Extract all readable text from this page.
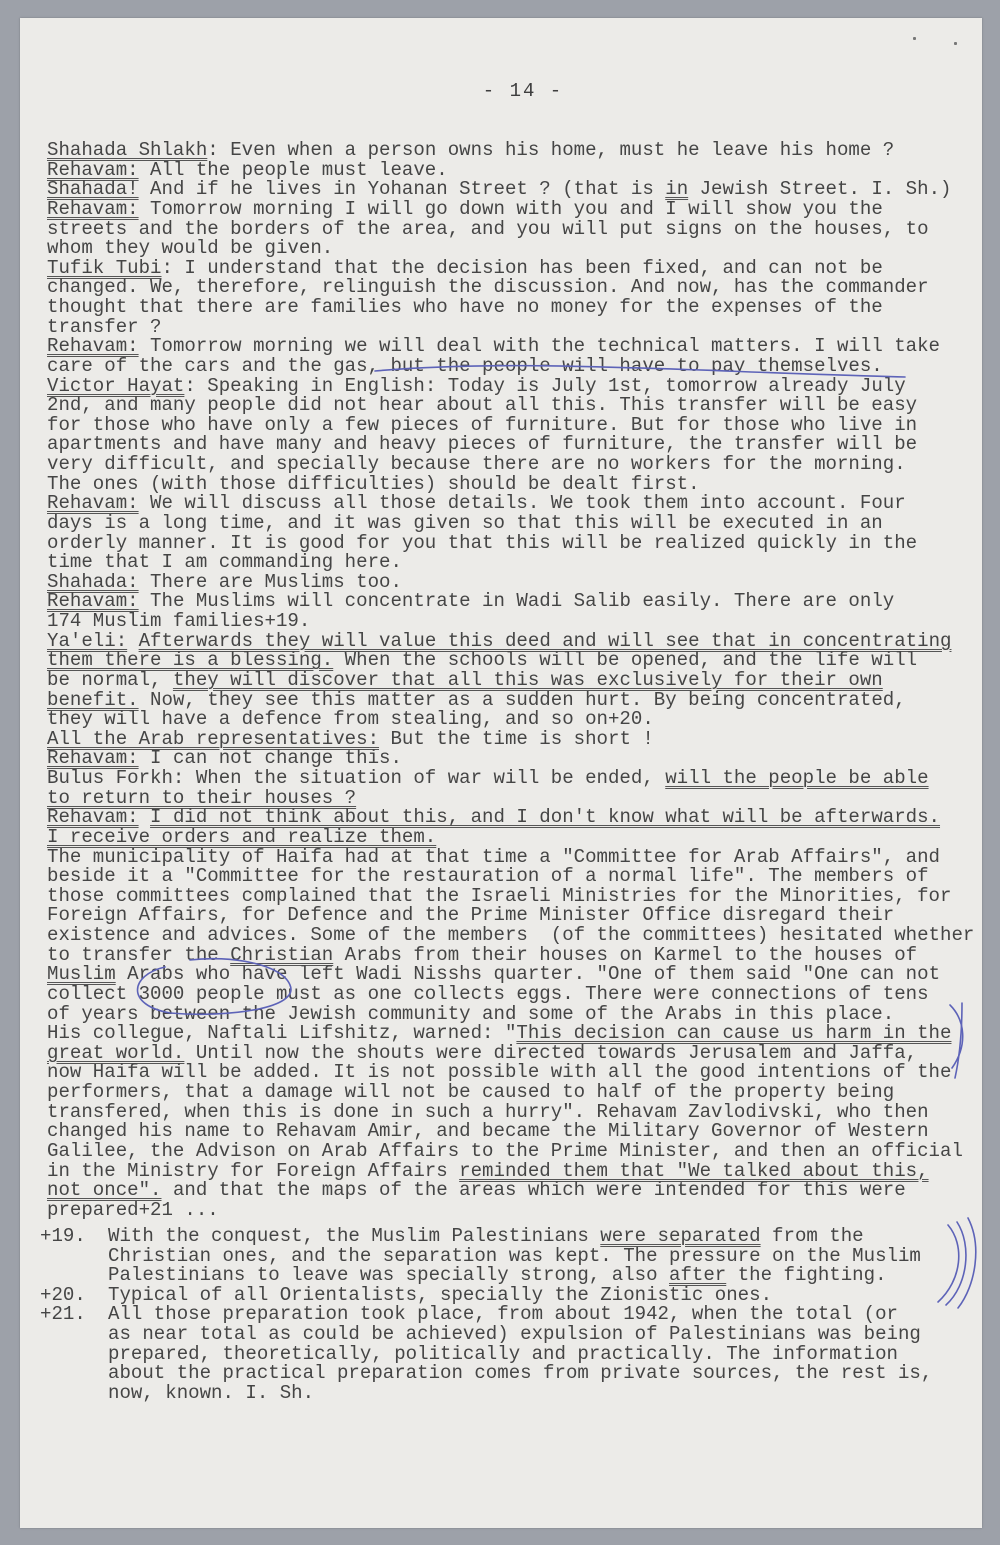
- 14 -
Shahada Shlakh: Even when a person owns his home, must he leave his home ?
Rehavam: All the people must leave.
Shahada! And if he lives in Yohanan Street ? (that is in Jewish Street. I. Sh.)
Rehavam: Tomorrow morning I will go down with you and I will show you the
streets and the borders of the area, and you will put signs on the houses, to
whom they would be given.
Tufik Tubi: I understand that the decision has been fixed, and can not be
changed. We, therefore, relinguish the discussion. And now, has the commander
thought that there are families who have no money for the expenses of the
transfer ?
Rehavam: Tomorrow morning we will deal with the technical matters. I will take
care of the cars and the gas, but the people will have to pay themselves.
Victor Hayat: Speaking in English: Today is July 1st, tomorrow already July
2nd, and many people did not hear about all this. This transfer will be easy
for those who have only a few pieces of furniture. But for those who live in
apartments and have many and heavy pieces of furniture, the transfer will be
very difficult, and specially because there are no workers for the morning.
The ones (with those difficulties) should be dealt first.
Rehavam: We will discuss all those details. We took them into account. Four
days is a long time, and it was given so that this will be executed in an
orderly manner. It is good for you that this will be realized quickly in the
time that I am commanding here.
Shahada: There are Muslims too.
Rehavam: The Muslims will concentrate in Wadi Salib easily. There are only
174 Muslim families+19.
Ya'eli: Afterwards they will value this deed and will see that in concentrating
them there is a blessing. When the schools will be opened, and the life will
be normal, they will discover that all this was exclusively for their own
benefit. Now, they see this matter as a sudden hurt. By being concentrated,
they will have a defence from stealing, and so on+20.
All the Arab representatives: But the time is short !
Rehavam: I can not change this.
Bulus Forkh: When the situation of war will be ended, will the people be able
to return to their houses ?
Rehavam: I did not think about this, and I don't know what will be afterwards.
I receive orders and realize them.
The municipality of Haifa had at that time a "Committee for Arab Affairs", and
beside it a "Committee for the restauration of a normal life". The members of
those committees complained that the Israeli Ministries for the Minorities, for
Foreign Affairs, for Defence and the Prime Minister Office disregard their
existence and advices. Some of the members  (of the committees) hesitated whether
to transfer the Christian Arabs from their houses on Karmel to the houses of
Muslim Arabs who have left Wadi Nisshs quarter. "One of them said "One can not
collect 3000 people must as one collects eggs. There were connections of tens
of years between the Jewish community and some of the Arabs in this place.
His collegue, Naftali Lifshitz, warned: "This decision can cause us harm in the
great world. Until now the shouts were directed towards Jerusalem and Jaffa,
now Haifa will be added. It is not possible with all the good intentions of the
performers, that a damage will not be caused to half of the property being
transfered, when this is done in such a hurry". Rehavam Zavlodivski, who then
changed his name to Rehavam Amir, and became the Military Governor of Western
Galilee, the Advison on Arab Affairs to the Prime Minister, and then an official
in the Ministry for Foreign Affairs reminded them that "We talked about this,
not once". and that the maps of the areas which were intended for this were
prepared+21 ...
+19. With the conquest, the Muslim Palestinians were separated from the
Christian ones, and the separation was kept. The pressure on the Muslim
Palestinians to leave was specially strong, also after the fighting.
+20. Typical of all Orientalists, specially the Zionistic ones.
+21. All those preparation took place, from about 1942, when the total (or
as near total as could be achieved) expulsion of Palestinians was being
prepared, theoretically, politically and practically. The information
about the practical preparation comes from private sources, the rest is,
now, known. I. Sh.
